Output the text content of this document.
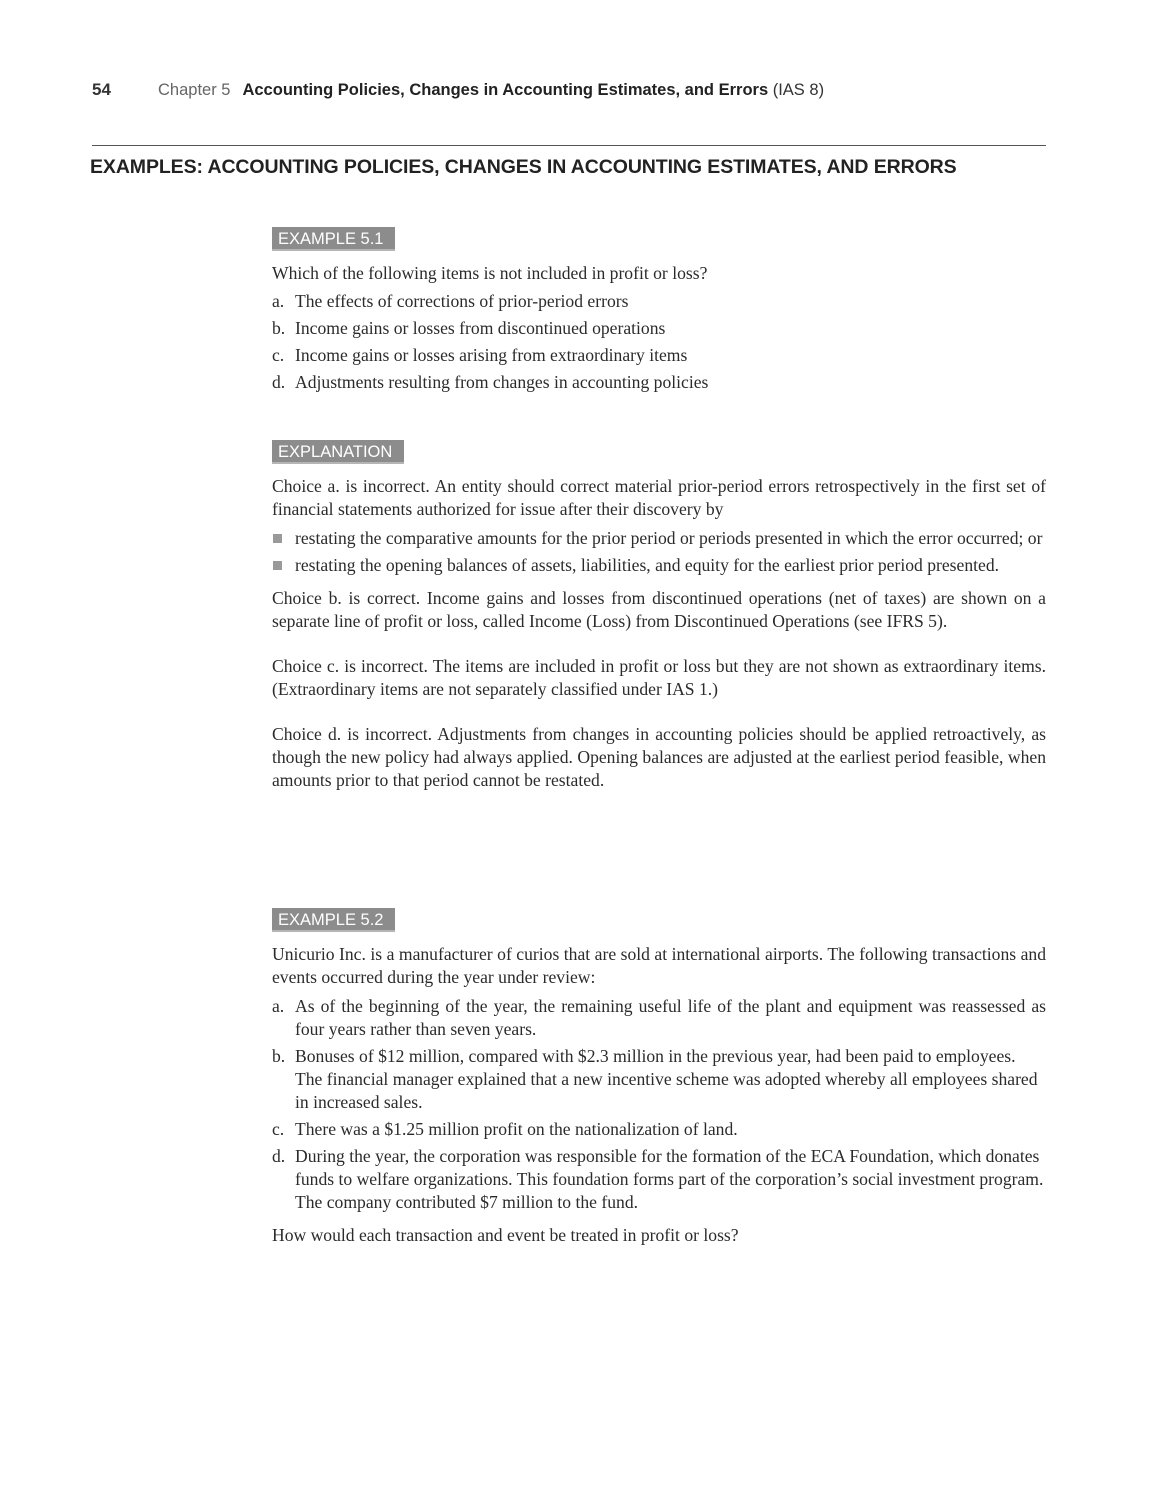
54	Chapter 5 Accounting Policies, Changes in Accounting Estimates, and Errors (IAS 8)
EXAMPLES: ACCOUNTING POLICIES, CHANGES IN ACCOUNTING ESTIMATES, AND ERRORS
EXAMPLE 5.1

Which of the following items is not included in profit or loss?

a. The effects of corrections of prior-period errors
b. Income gains or losses from discontinued operations
c. Income gains or losses arising from extraordinary items
d. Adjustments resulting from changes in accounting policies
EXPLANATION

Choice a. is incorrect. An entity should correct material prior-period errors retrospectively in the first set of financial statements authorized for issue after their discovery by

restating the comparative amounts for the prior period or periods presented in which the error occurred; or
restating the opening balances of assets, liabilities, and equity for the earliest prior period presented.

Choice b. is correct. Income gains and losses from discontinued operations (net of taxes) are shown on a separate line of profit or loss, called Income (Loss) from Discontinued Operations (see IFRS 5).

Choice c. is incorrect. The items are included in profit or loss but they are not shown as extraordinary items. (Extraordinary items are not separately classified under IAS 1.)

Choice d. is incorrect. Adjustments from changes in accounting policies should be applied retroactively, as though the new policy had always applied. Opening balances are adjusted at the earliest period feasible, when amounts prior to that period cannot be restated.

EXAMPLE 5.2

Unicurio Inc. is a manufacturer of curios that are sold at international airports. The following transactions and events occurred during the year under review:

a. As of the beginning of the year, the remaining useful life of the plant and equipment was reassessed as four years rather than seven years.
b. Bonuses of $12 million, compared with $2.3 million in the previous year, had been paid to employees. The financial manager explained that a new incentive scheme was adopted whereby all employees shared in increased sales.
c. There was a $1.25 million profit on the nationalization of land.
d. During the year, the corporation was responsible for the formation of the ECA Foundation, which donates funds to welfare organizations. This foundation forms part of the corporation’s social investment program. The company contributed $7 million to the fund.

How would each transaction and event be treated in profit or loss?
